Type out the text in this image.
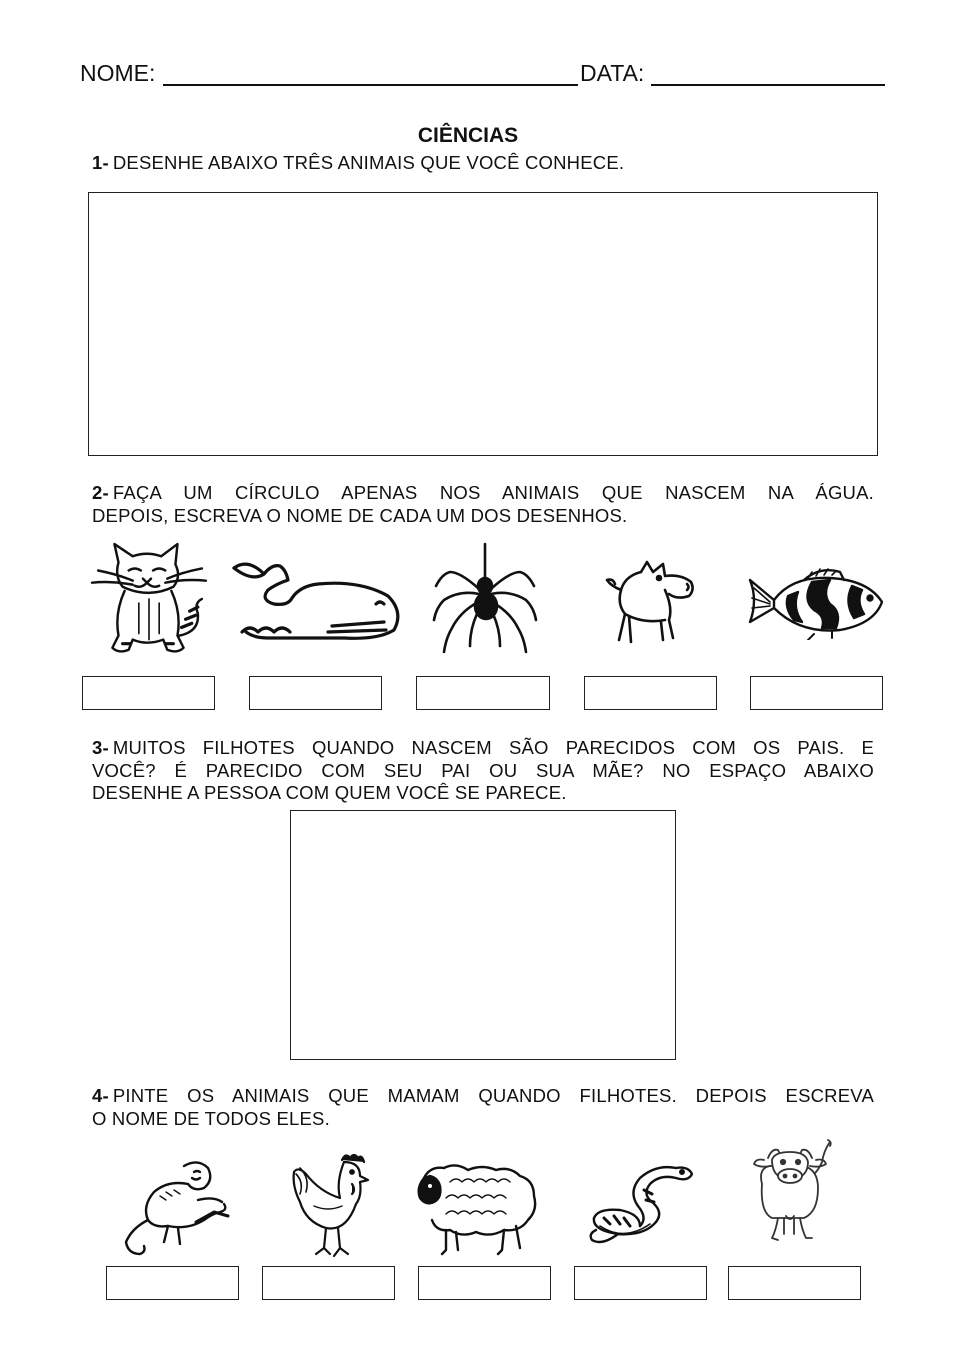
NOME:	DATA:
CIÊNCIAS
1- DESENHE ABAIXO TRÊS ANIMAIS QUE VOCÊ CONHECE.
2- FAÇA UM CÍRCULO APENAS NOS ANIMAIS QUE NASCEM NA ÁGUA.
DEPOIS, ESCREVA O NOME DE CADA UM DOS DESENHOS.
3- MUITOS FILHOTES QUANDO NASCEM SÃO PARECIDOS COM OS PAIS. E
VOCÊ? É PARECIDO COM SEU PAI OU SUA MÃE? NO ESPAÇO ABAIXO
DESENHE A PESSOA COM QUEM VOCÊ SE PARECE.
4- PINTE OS ANIMAIS QUE MAMAM QUANDO FILHOTES. DEPOIS ESCREVA
O NOME DE TODOS ELES.
